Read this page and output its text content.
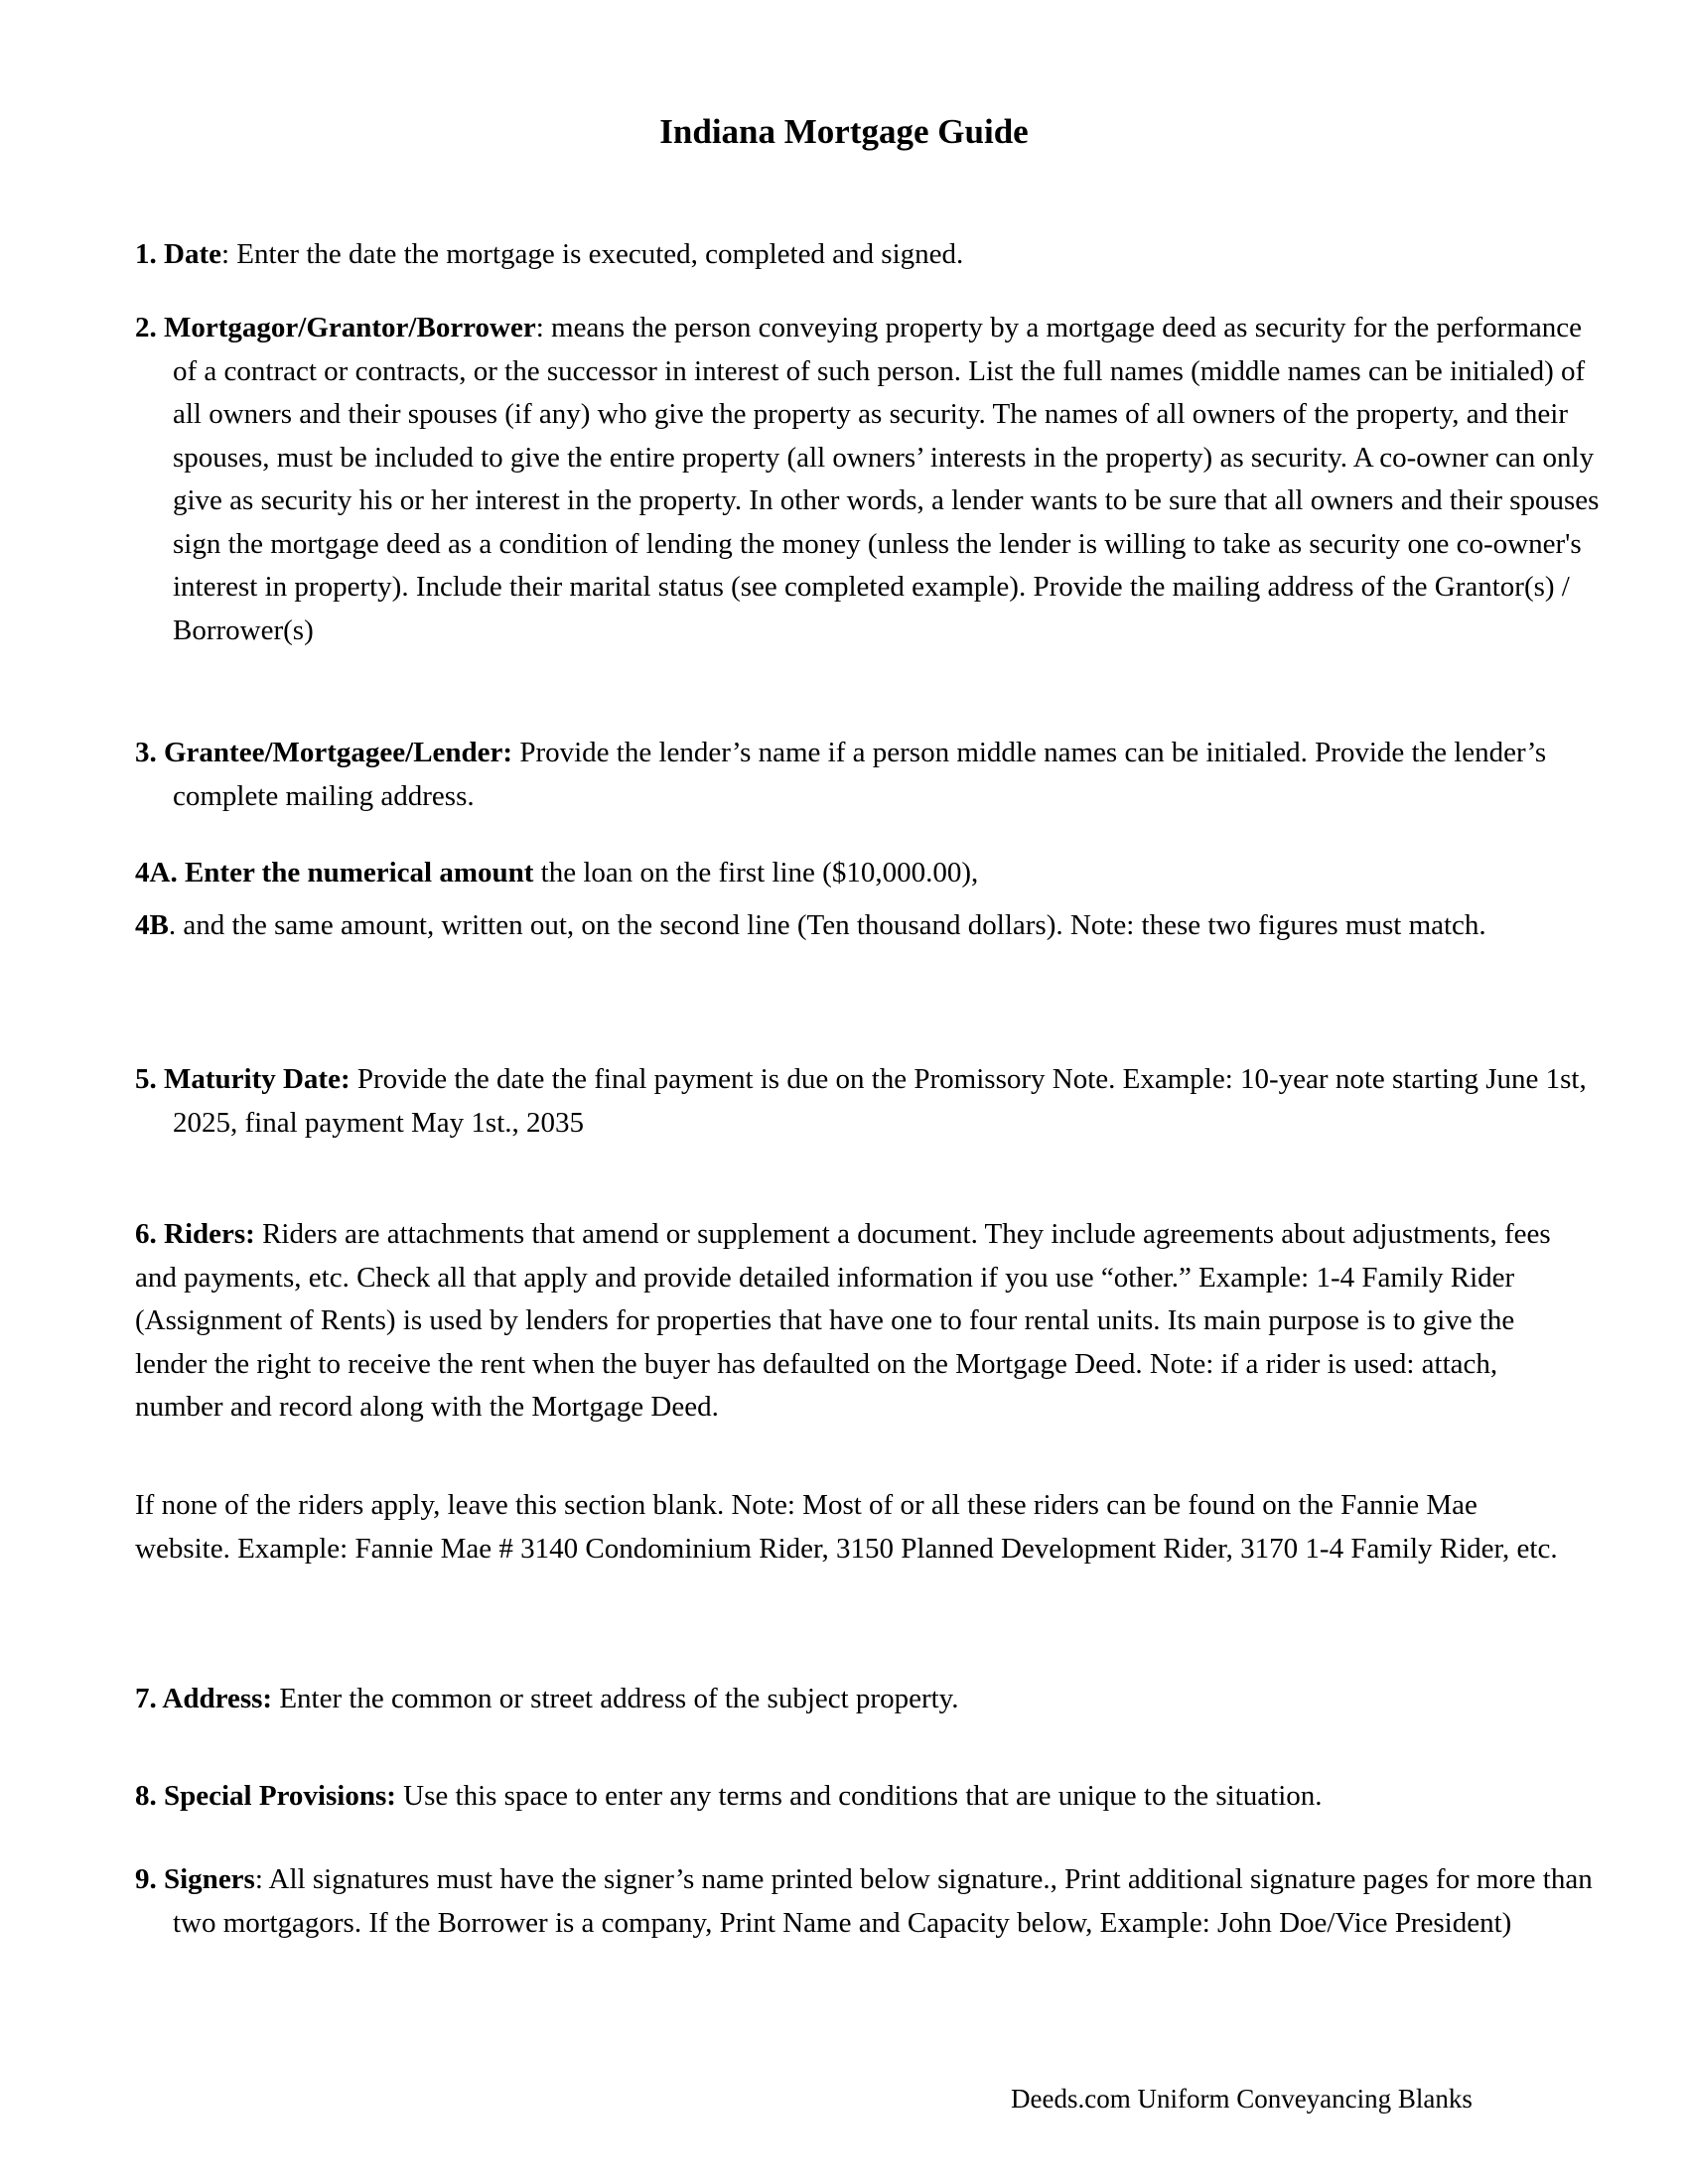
Indiana Mortgage Guide

1. Date: Enter the date the mortgage is executed, completed and signed.

2. Mortgagor/Grantor/Borrower: means the person conveying property by a mortgage deed as security for the performance of a contract or contracts, or the successor in interest of such person. List the full names (middle names can be initialed) of all owners and their spouses (if any) who give the property as security. The names of all owners of the property, and their spouses, must be included to give the entire property (all owners’ interests in the property) as security. A co-owner can only give as security his or her interest in the property. In other words, a lender wants to be sure that all owners and their spouses sign the mortgage deed as a condition of lending the money (unless the lender is willing to take as security one co-owner's interest in property). Include their marital status (see completed example). Provide the mailing address of the Grantor(s) / Borrower(s)

3. Grantee/Mortgagee/Lender: Provide the lender’s name if a person middle names can be initialed. Provide the lender’s complete mailing address.

4A. Enter the numerical amount the loan on the first line ($10,000.00),

4B. and the same amount, written out, on the second line (Ten thousand dollars). Note: these two figures must match.

5. Maturity Date: Provide the date the final payment is due on the Promissory Note. Example: 10-year note starting June 1st, 2025, final payment May 1st., 2035

6. Riders: Riders are attachments that amend or supplement a document. They include agreements about adjustments, fees and payments, etc. Check all that apply and provide detailed information if you use “other.” Example: 1-4 Family Rider (Assignment of Rents) is used by lenders for properties that have one to four rental units. Its main purpose is to give the lender the right to receive the rent when the buyer has defaulted on the Mortgage Deed. Note: if a rider is used: attach, number and record along with the Mortgage Deed.

If none of the riders apply, leave this section blank. Note: Most of or all these riders can be found on the Fannie Mae website. Example: Fannie Mae # 3140 Condominium Rider, 3150 Planned Development Rider, 3170 1-4 Family Rider, etc.

7. Address: Enter the common or street address of the subject property.

8. Special Provisions: Use this space to enter any terms and conditions that are unique to the situation.

9. Signers: All signatures must have the signer’s name printed below signature., Print additional signature pages for more than two mortgagors. If the Borrower is a company, Print Name and Capacity below, Example: John Doe/Vice President)

Deeds.com Uniform Conveyancing Blanks
